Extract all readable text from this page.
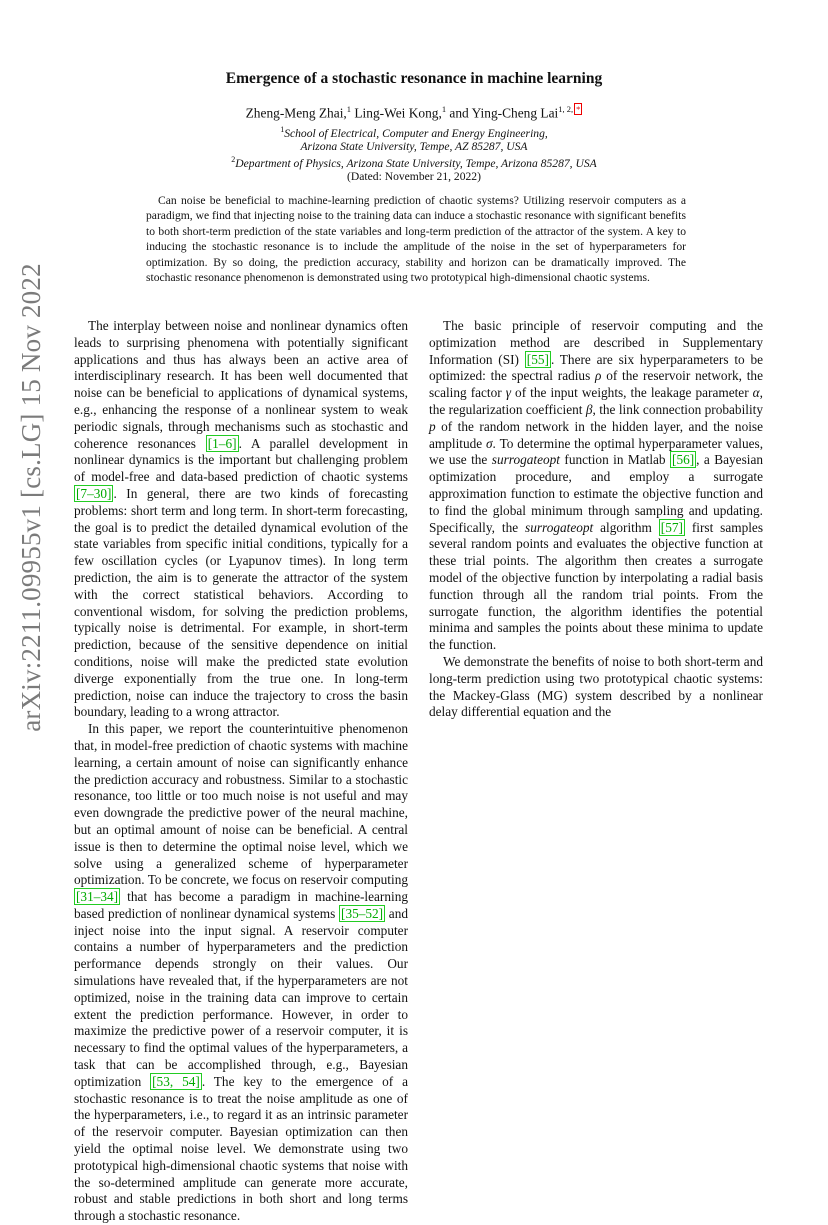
arXiv:2211.09955v1 [cs.LG] 15 Nov 2022
Emergence of a stochastic resonance in machine learning
Zheng-Meng Zhai,$^1$ Ling-Wei Kong,$^1$ and Ying-Cheng Lai$^{1, 2,}$ *
$^1$School of Electrical, Computer and Energy Engineering,
Arizona State University, Tempe, AZ 85287, USA
$^2$Department of Physics, Arizona State University, Tempe, Arizona 85287, USA
(Dated: November 21, 2022)
Can noise be beneficial to machine-learning prediction of chaotic systems? Utilizing reservoir computers as a paradigm, we find that injecting noise to the training data can induce a stochastic resonance with significant benefits to both short-term prediction of the state variables and long-term prediction of the attractor of the system. A key to inducing the stochastic resonance is to include the amplitude of the noise in the set of hyperparameters for optimization. By so doing, the prediction accuracy, stability and horizon can be dramatically improved. The stochastic resonance phenomenon is demonstrated using two prototypical high-dimensional chaotic systems.

The interplay between noise and nonlinear dynamics often leads to surprising phenomena with potentially significant applications and thus has always been an active area of interdisciplinary research. It has been well documented that noise can be beneficial to applications of dynamical systems, e.g., enhancing the response of a nonlinear system to weak periodic signals, through mechanisms such as stochastic and coherence resonances [1–6] . A parallel development in nonlinear dynamics is the important but challenging problem of model-free and data-based prediction of chaotic systems [7–30] . In general, there are two kinds of forecasting problems: short term and long term. In short-term forecasting, the goal is to predict the detailed dynamical evolution of the state variables from specific initial conditions, typically for a few oscillation cycles (or Lyapunov times). In long term prediction, the aim is to generate the attractor of the system with the correct statistical behaviors. According to conventional wisdom, for solving the prediction problems, typically noise is detrimental. For example, in short-term prediction, because of the sensitive dependence on initial conditions, noise will make the predicted state evolution diverge exponentially from the true one. In long-term prediction, noise can induce the trajectory to cross the basin boundary, leading to a wrong attractor.

In this paper, we report the counterintuitive phenomenon that, in model-free prediction of chaotic systems with machine learning, a certain amount of noise can significantly enhance the prediction accuracy and robustness. Similar to a stochastic resonance, too little or too much noise is not useful and may even downgrade the predictive power of the neural machine, but an optimal amount of noise can be beneficial. A central issue is then to determine the optimal noise level, which we solve using a generalized scheme of hyperparameter optimization. To be concrete, we focus on reservoir computing [31–34] that has become a paradigm in machine-learning based prediction of nonlinear dynamical systems [35–52] and inject noise into the input signal. A reservoir computer contains a number of hyperparameters and the prediction performance depends strongly on their values. Our simulations have revealed that, if the hyperparameters are not optimized, noise in the training data can improve to certain extent the prediction performance. However, in order to maximize the predictive power of a reservoir computer, it is necessary to find the optimal values of the hyperparameters, a task that can be accomplished through, e.g., Bayesian optimization [53, 54] . The key to the emergence of a stochastic resonance is to treat the noise amplitude as one of the hyperparameters, i.e., to regard it as an intrinsic parameter of the reservoir computer. Bayesian optimization can then yield the optimal noise level. We demonstrate using two prototypical high-dimensional chaotic systems that noise with the so-determined amplitude can generate more accurate, robust and stable predictions in both short and long terms through a stochastic resonance.

The basic principle of reservoir computing and the optimization method are described in Supplementary Information (SI) [55] . There are six hyperparameters to be optimized: the spectral radius ρ of the reservoir network, the scaling factor γ of the input weights, the leakage parameter α, the regularization coefficient β, the link connection probability p of the random network in the hidden layer, and the noise amplitude σ. To determine the optimal hyperparameter values, we use the surrogateopt function in Matlab [56] , a Bayesian optimization procedure, and employ a surrogate approximation function to estimate the objective function and to find the global minimum through sampling and updating. Specifically, the surrogateopt algorithm [57] first samples several random points and evaluates the objective function at these trial points. The algorithm then creates a surrogate model of the objective function by interpolating a radial basis function through all the random trial points. From the surrogate function, the algorithm identifies the potential minima and samples the points about these minima to update the function.

We demonstrate the benefits of noise to both short-term and long-term prediction using two prototypical chaotic systems: the Mackey-Glass (MG) system described by a nonlinear delay differential equation and the
